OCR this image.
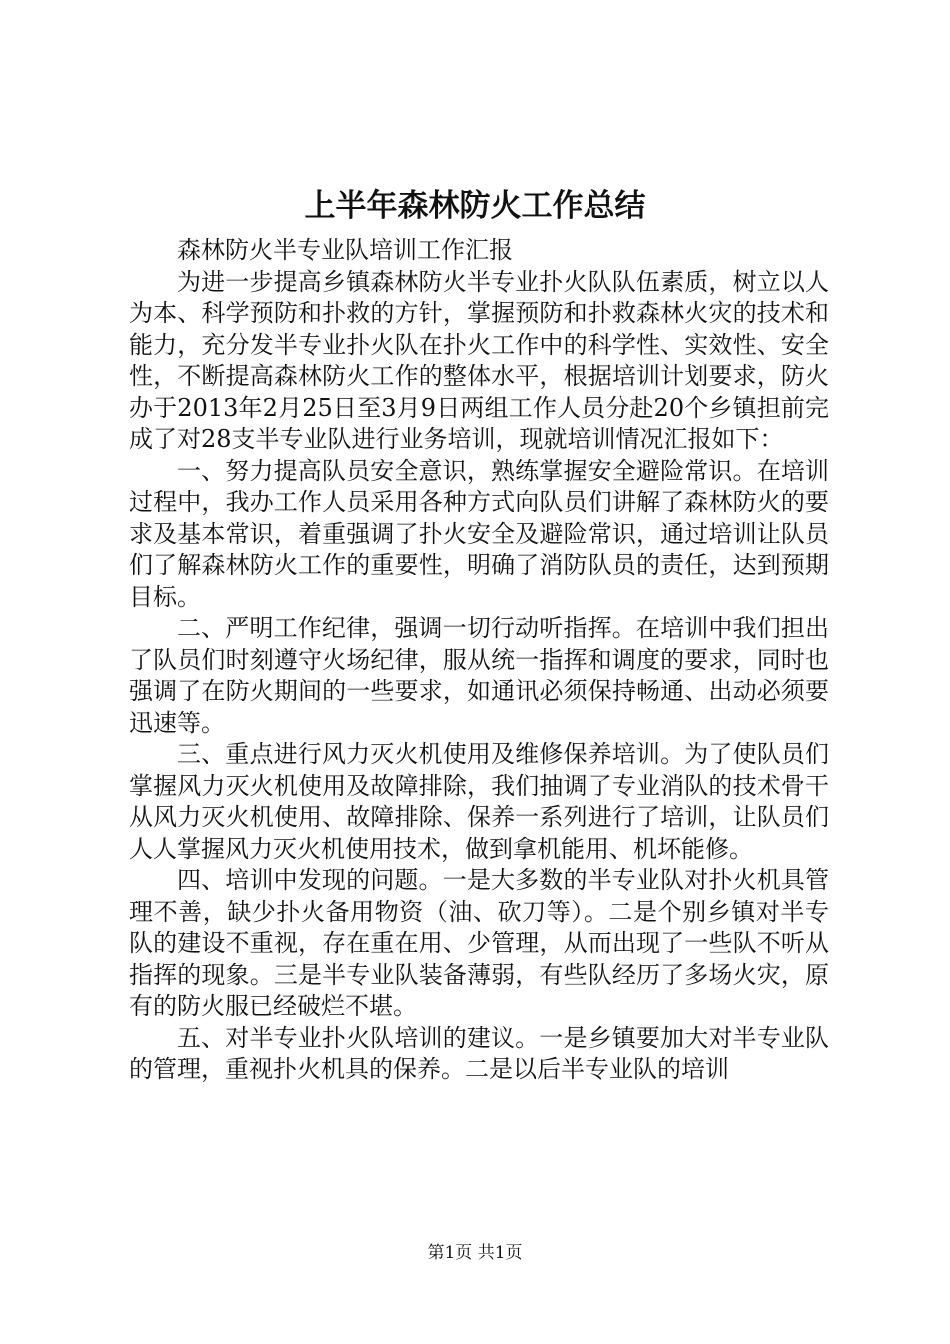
上半年森林防火工作总结

森林防火半专业队培训工作汇报

为进一步提高乡镇森林防火半专业扑火队队伍素质，树立以人为本、科学预防和扑救的方针，掌握预防和扑救森林火灾的技术和能力，充分发半专业扑火队在扑火工作中的科学性、实效性、安全性，不断提高森林防火工作的整体水平，根据培训计划要求，防火办于2013年2月25日至3月9日两组工作人员分赴20个乡镇担前完成了对28支半专业队进行业务培训，现就培训情况汇报如下：

一、努力提高队员安全意识，熟练掌握安全避险常识。在培训过程中，我办工作人员采用各种方式向队员们讲解了森林防火的要求及基本常识，着重强调了扑火安全及避险常识，通过培训让队员们了解森林防火工作的重要性，明确了消防队员的责任，达到预期目标。

二、严明工作纪律，强调一切行动听指挥。在培训中我们担出了队员们时刻遵守火场纪律，服从统一指挥和调度的要求，同时也强调了在防火期间的一些要求，如通讯必须保持畅通、出动必须要迅速等。

三、重点进行风力灭火机使用及维修保养培训。为了使队员们掌握风力灭火机使用及故障排除，我们抽调了专业消队的技术骨干从风力灭火机使用、故障排除、保养一系列进行了培训，让队员们人人掌握风力灭火机使用技术，做到拿机能用、机坏能修。

四、培训中发现的问题。一是大多数的半专业队对扑火机具管理不善，缺少扑火备用物资（油、砍刀等）。二是个别乡镇对半专队的建设不重视，存在重在用、少管理，从而出现了一些队不听从指挥的现象。三是半专业队装备薄弱，有些队经历了多场火灾，原有的防火服已经破烂不堪。

五、对半专业扑火队培训的建议。一是乡镇要加大对半专业队的管理，重视扑火机具的保养。二是以后半专业队的培训

第1页 共1页
